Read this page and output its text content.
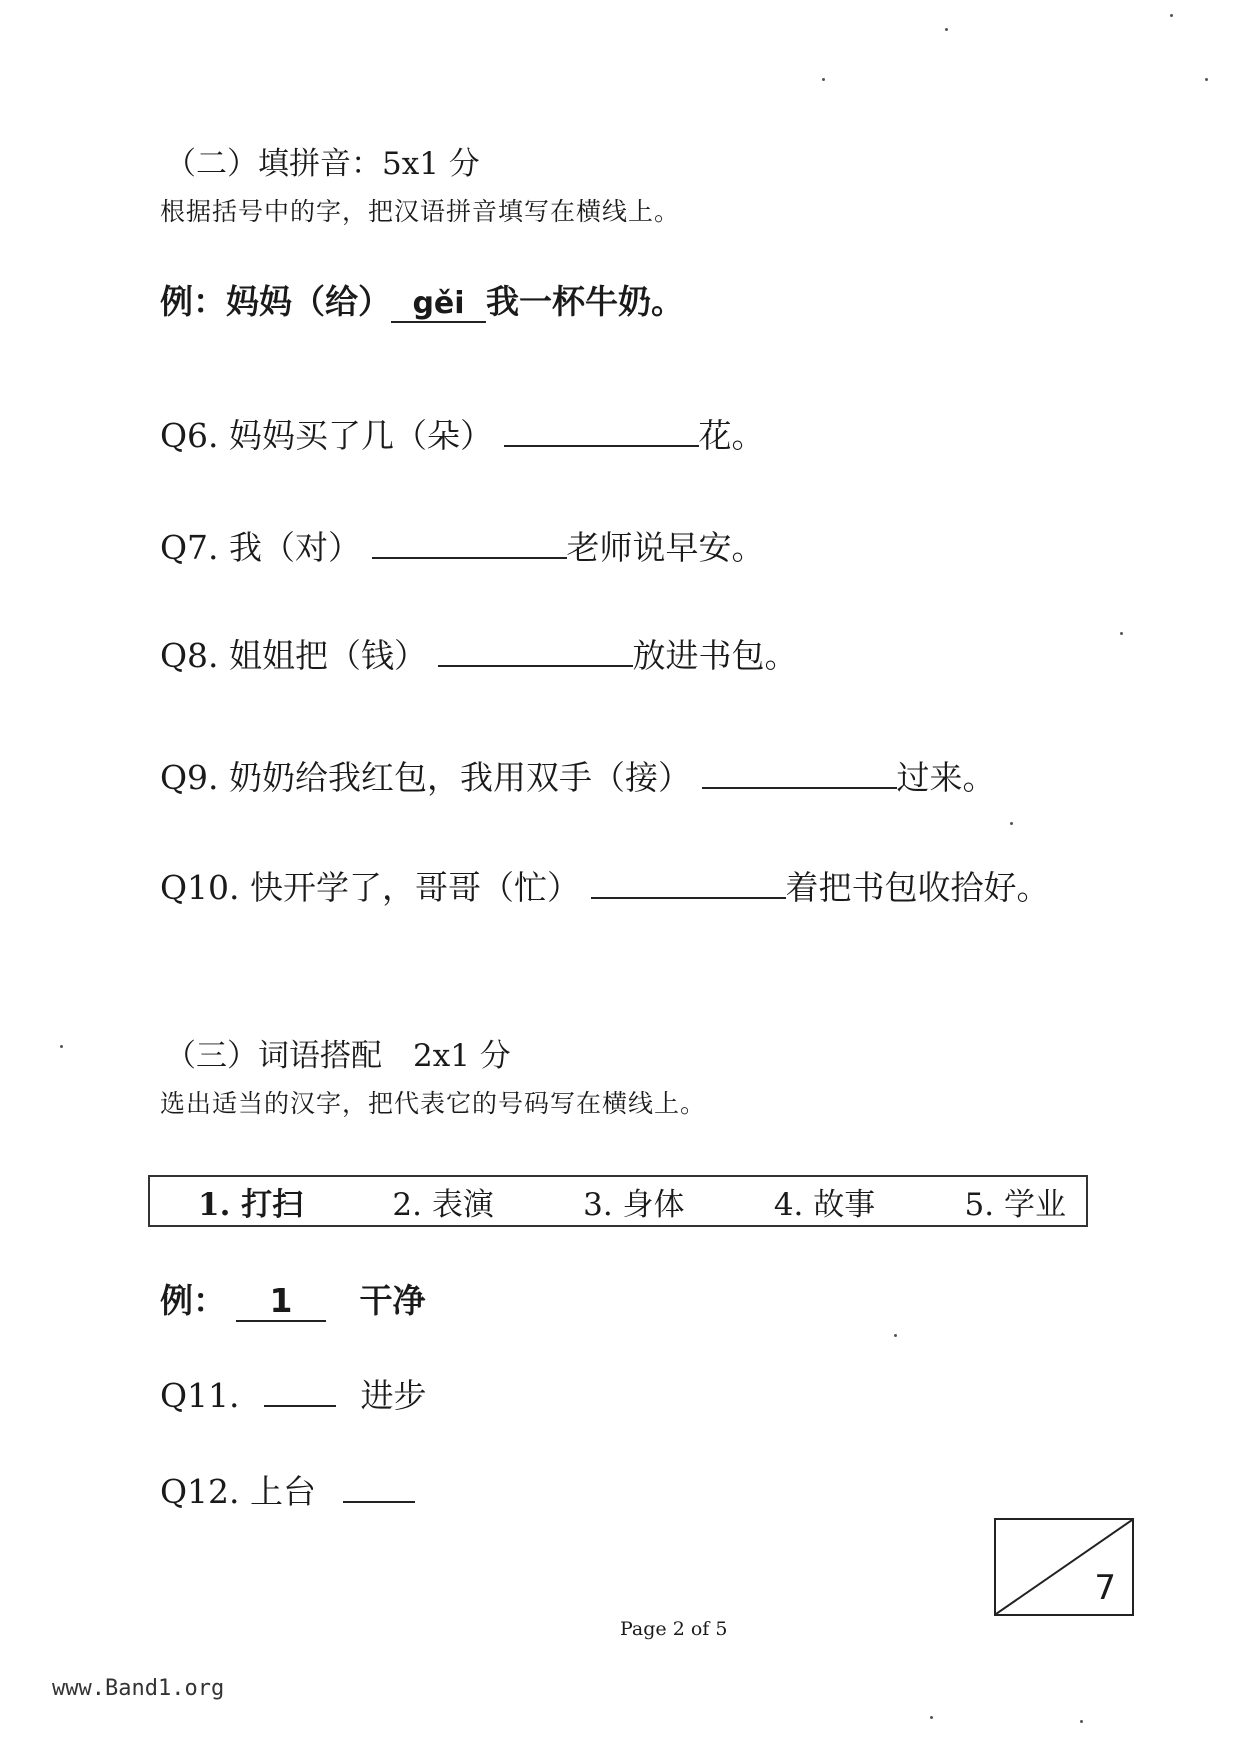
（二）填拼音：5x1 分
根据括号中的字，把汉语拼音填写在横线上。
例：妈妈（给） gěi 我一杯牛奶。
Q6. 妈妈买了几（朵）	花。
Q7. 我（对）	老师说早安。
Q8. 姐姐把（钱）	放进书包。
Q9. 奶奶给我红包，我用双手（接）	过来。
Q10. 快开学了，哥哥（忙）	着把书包收拾好。
（三）词语搭配　2x1 分
选出适当的汉字，把代表它的号码写在横线上。
1. 打扫	2. 表演	3. 身体	4. 故事	5. 学业
例： 1 干净
Q11.	进步
Q12. 上台
7
Page 2 of 5
www.Band1.org
